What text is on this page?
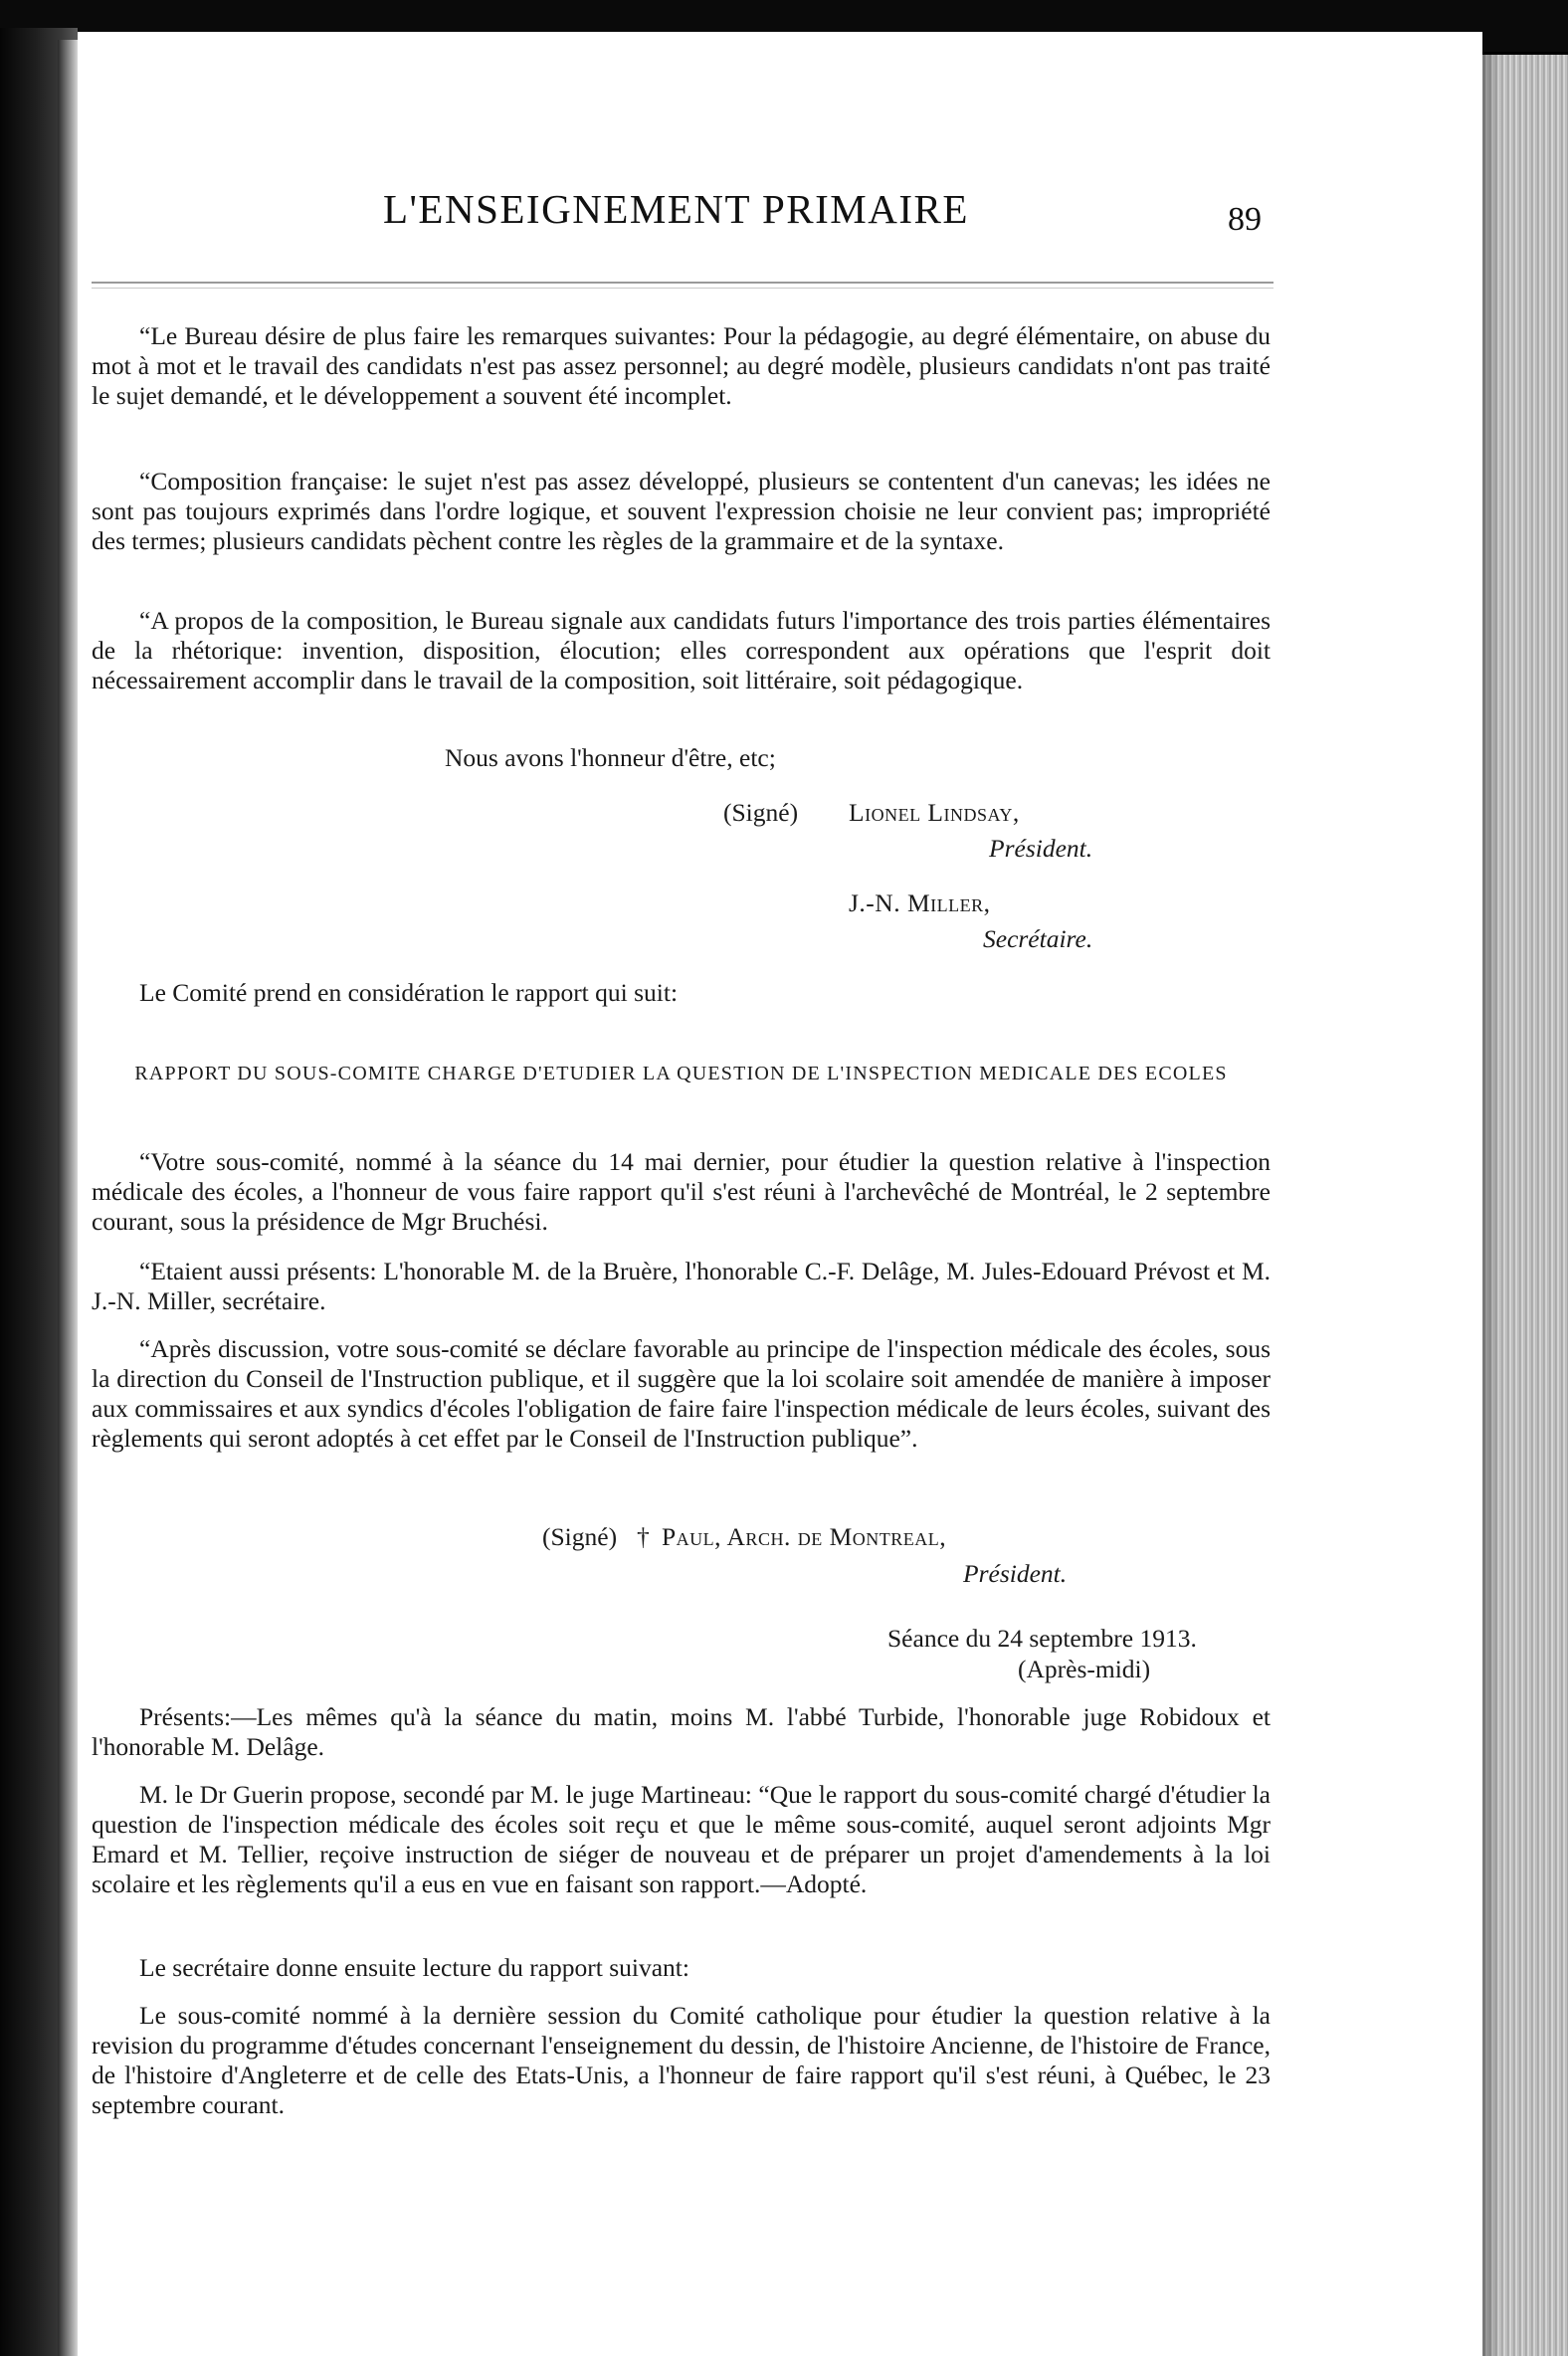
L'ENSEIGNEMENT PRIMAIRE	89

“Le Bureau désire de plus faire les remarques suivantes: Pour la pédagogie, au degré élémentaire, on abuse du mot à mot et le travail des candidats n'est pas assez personnel; au degré modèle, plusieurs candidats n'ont pas traité le sujet demandé, et le développement a souvent été incomplet.

“Composition française: le sujet n'est pas assez développé, plusieurs se contentent d'un canevas; les idées ne sont pas toujours exprimés dans l'ordre logique, et souvent l'expression choisie ne leur convient pas; impropriété des termes; plusieurs candidats pèchent contre les règles de la grammaire et de la syntaxe.

“A propos de la composition, le Bureau signale aux candidats futurs l'importance des trois parties élémentaires de la rhétorique: invention, disposition, élocution; elles correspondent aux opérations que l'esprit doit nécessairement accomplir dans le travail de la composition, soit littéraire, soit pédagogique.

Nous avons l'honneur d'être, etc;
(Signé) Lionel Lindsay,
Président.
J.-N. Miller,
Secrétaire.

Le Comité prend en considération le rapport qui suit:

RAPPORT DU SOUS-COMITE CHARGE D'ETUDIER LA QUESTION DE L'INSPECTION MEDICALE DES ECOLES

“Votre sous-comité, nommé à la séance du 14 mai dernier, pour étudier la question relative à l'inspection médicale des écoles, a l'honneur de vous faire rapport qu'il s'est réuni à l'archevêché de Montréal, le 2 septembre courant, sous la présidence de Mgr Bruchési.

“Etaient aussi présents: L'honorable M. de la Bruère, l'honorable C.-F. Delâge, M. Jules-Edouard Prévost et M. J.-N. Miller, secrétaire.

“Après discussion, votre sous-comité se déclare favorable au principe de l'inspection médicale des écoles, sous la direction du Conseil de l'Instruction publique, et il suggère que la loi scolaire soit amendée de manière à imposer aux commissaires et aux syndics d'écoles l'obligation de faire faire l'inspection médicale de leurs écoles, suivant des règlements qui seront adoptés à cet effet par le Conseil de l'Instruction publique”.

(Signé) † Paul, Arch. de Montreal,
Président.
Séance du 24 septembre 1913.
(Après-midi)

Présents:—Les mêmes qu'à la séance du matin, moins M. l'abbé Turbide, l'honorable juge Robidoux et l'honorable M. Delâge.

M. le Dr Guerin propose, secondé par M. le juge Martineau: “Que le rapport du sous-comité chargé d'étudier la question de l'inspection médicale des écoles soit reçu et que le même sous-comité, auquel seront adjoints Mgr Emard et M. Tellier, reçoive instruction de siéger de nouveau et de préparer un projet d'amendements à la loi scolaire et les règlements qu'il a eus en vue en faisant son rapport.—Adopté.

Le secrétaire donne ensuite lecture du rapport suivant:

Le sous-comité nommé à la dernière session du Comité catholique pour étudier la question relative à la revision du programme d'études concernant l'enseignement du dessin, de l'histoire Ancienne, de l'histoire de France, de l'histoire d'Angleterre et de celle des Etats-Unis, a l'honneur de faire rapport qu'il s'est réuni, à Québec, le 23 septembre courant.
